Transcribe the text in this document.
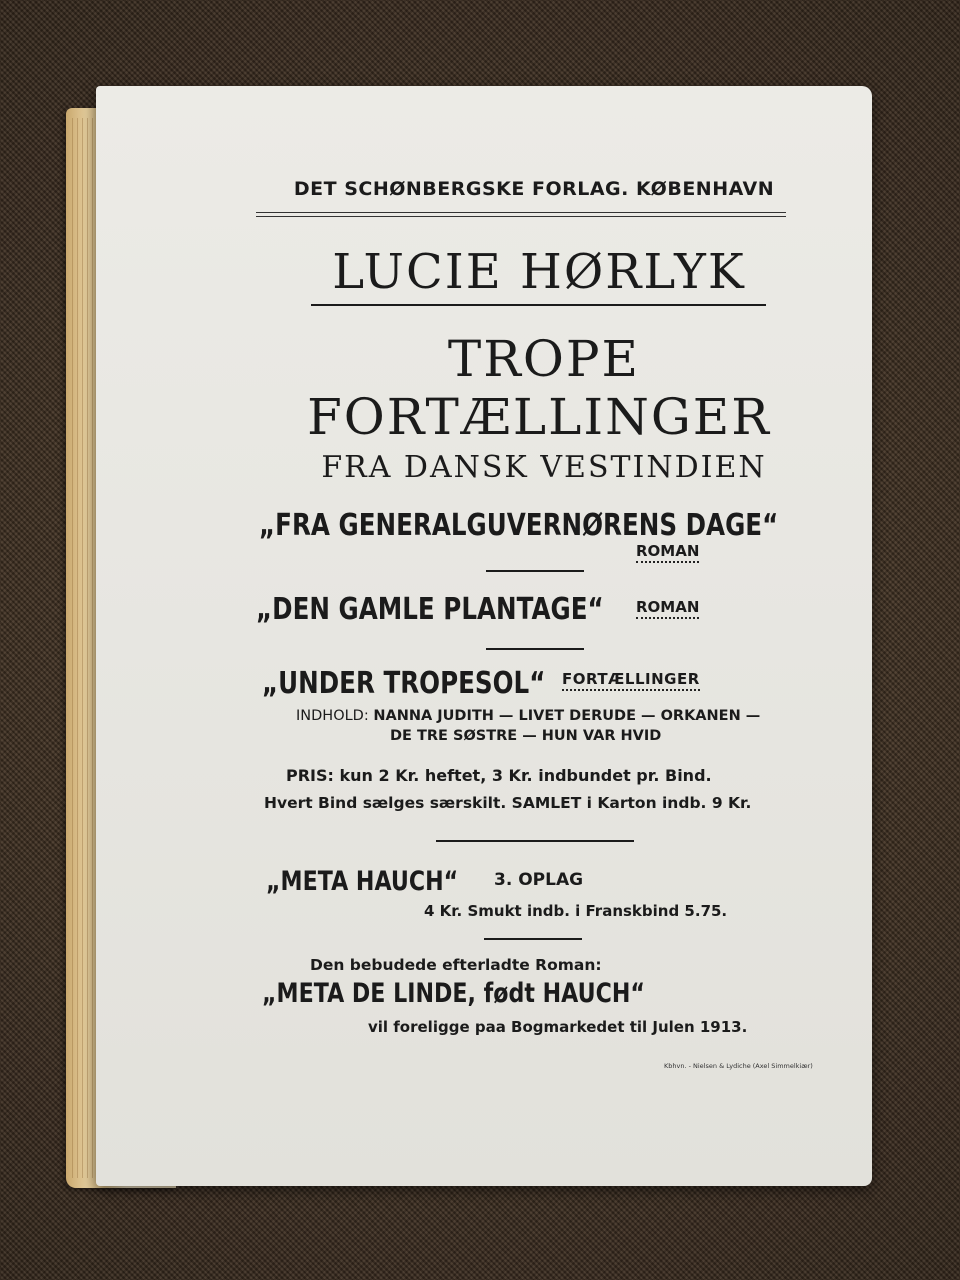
DET SCHØNBERGSKE FORLAG. KØBENHAVN
LUCIE HØRLYK
TROPE
FORTÆLLINGER
FRA DANSK VESTINDIEN
„FRA GENERALGUVERNØRENS DAGE“
ROMAN
„DEN GAMLE PLANTAGE“ ROMAN
„UNDER TROPESOL“ FORTÆLLINGER
INDHOLD: NANNA JUDITH — LIVET DERUDE — ORKANEN —
DE TRE SØSTRE — HUN VAR HVID
PRIS: kun 2 Kr. heftet, 3 Kr. indbundet pr. Bind.
Hvert Bind sælges særskilt. SAMLET i Karton indb. 9 Kr.
„META HAUCH“ 3. OPLAG
4 Kr. Smukt indb. i Franskbind 5.75.
Den bebudede efterladte Roman:
„META DE LINDE, født HAUCH“
vil foreligge paa Bogmarkedet til Julen 1913.
Kbhvn. - Nielsen & Lydiche (Axel Simmelkiær)
